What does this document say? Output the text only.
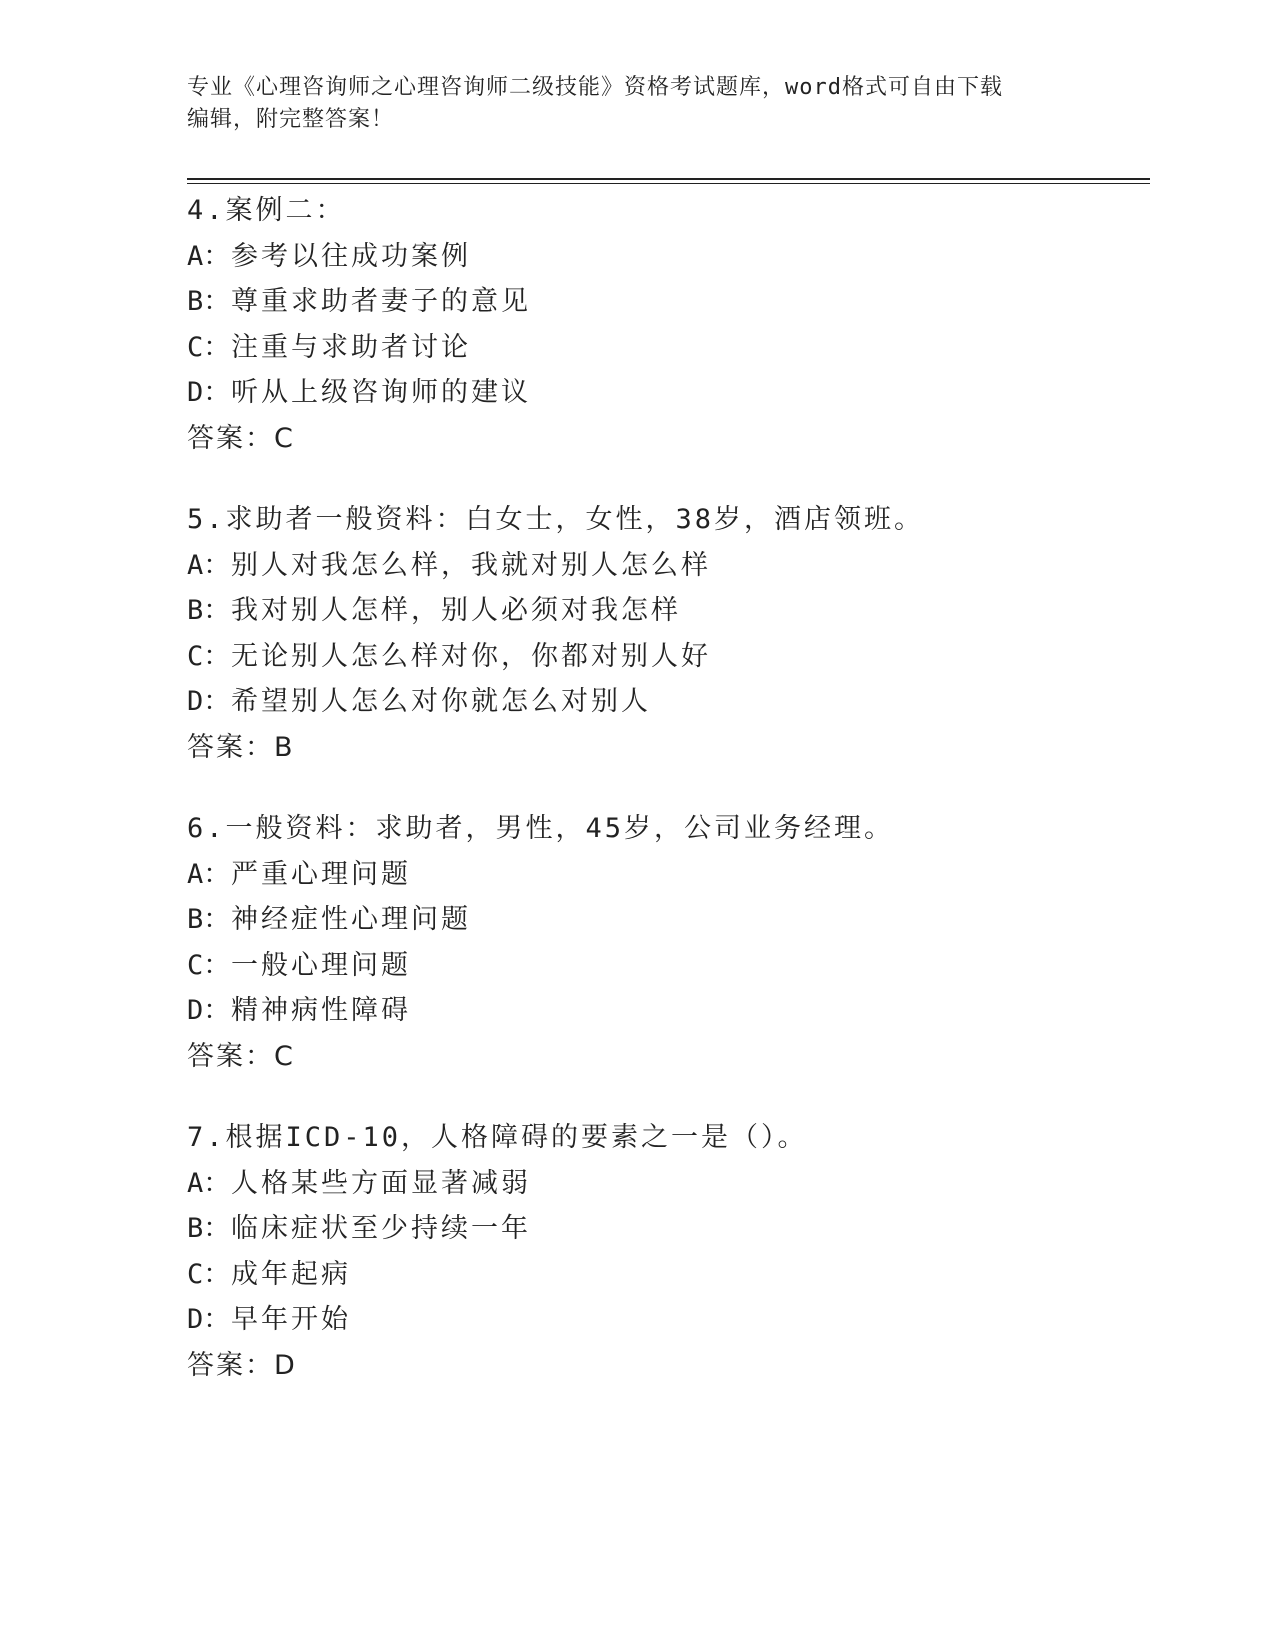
专业《心理咨询师之心理咨询师二级技能》资格考试题库，word格式可自由下载
编辑，附完整答案！
4.案例二：
A：参考以往成功案例
B：尊重求助者妻子的意见
C：注重与求助者讨论
D：听从上级咨询师的建议
答案：C
5.求助者一般资料：白女士，女性，38岁，酒店领班。
A：别人对我怎么样，我就对别人怎么样
B：我对别人怎样，别人必须对我怎样
C：无论别人怎么样对你，你都对别人好
D：希望别人怎么对你就怎么对别人
答案：B
6.一般资料：求助者，男性，45岁，公司业务经理。
A：严重心理问题
B：神经症性心理问题
C：一般心理问题
D：精神病性障碍
答案：C
7.根据ICD-10，人格障碍的要素之一是（）。
A：人格某些方面显著减弱
B：临床症状至少持续一年
C：成年起病
D：早年开始
答案：D
